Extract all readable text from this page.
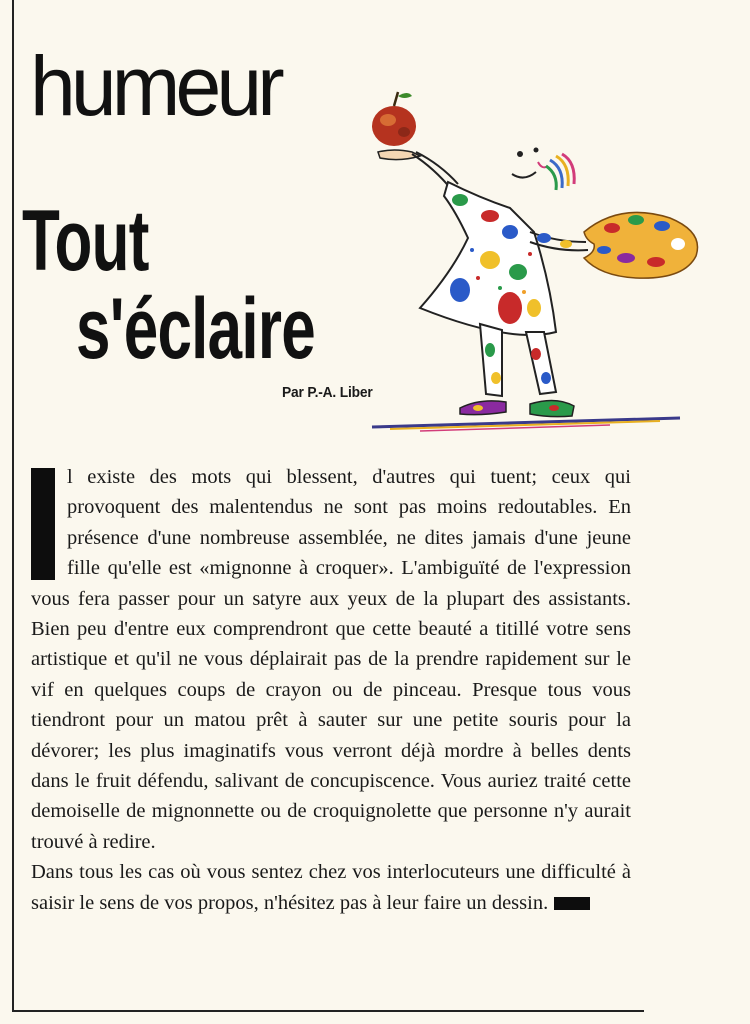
humeur
Tout
s'éclaire
Par P.-A. Liber

l existe des mots qui blessent, d'autres qui tuent; ceux qui provoquent des malentendus ne sont pas moins redoutables. En présence d'une nombreuse assemblée, ne dites jamais d'une jeune fille qu'elle est «mignonne à croquer». L'ambiguïté de l'expression vous fera passer pour un satyre aux yeux de la plupart des assistants. Bien peu d'entre eux comprendront que cette beauté a titillé votre sens artistique et qu'il ne vous déplairait pas de la prendre rapidement sur le vif en quelques coups de crayon ou de pinceau. Presque tous vous tiendront pour un matou prêt à sauter sur une petite souris pour la dévorer; les plus imaginatifs vous verront déjà mordre à belles dents dans le fruit défendu, salivant de concupiscence. Vous auriez traité cette demoiselle de mignonnette ou de croquignolette que personne n'y aurait trouvé à redire.

Dans tous les cas où vous sentez chez vos interlocuteurs une difficulté à saisir le sens de vos propos, n'hésitez pas à leur faire un dessin.
